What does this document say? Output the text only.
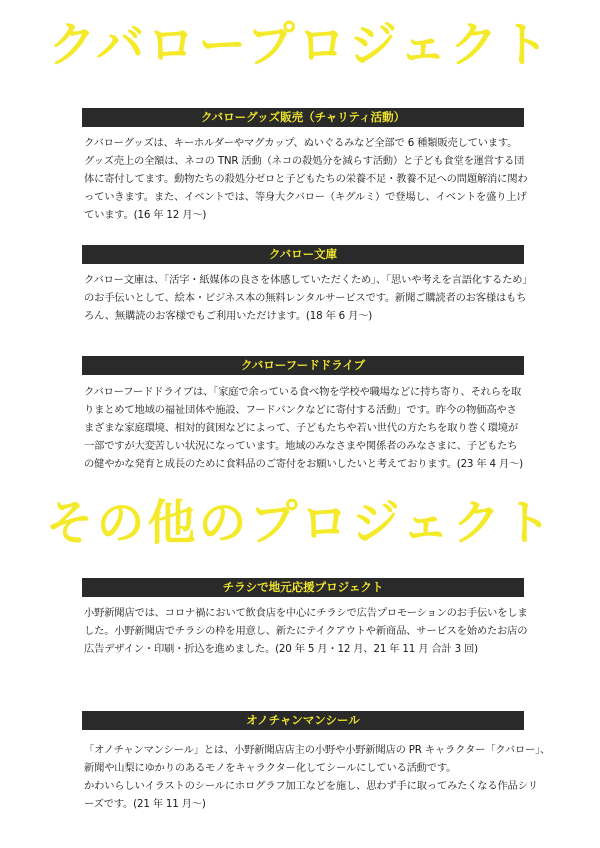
クバロープロジェクト
クバローグッズ販売（チャリティ活動）
クバローグッズは、キーホルダーやマグカップ、ぬいぐるみなど全部で 6 種類販売しています。
グッズ売上の全額は、ネコの TNR 活動（ネコの殺処分を減らす活動）と子ども食堂を運営する団
体に寄付してます。動物たちの殺処分ゼロと子どもたちの栄養不足・教養不足への問題解消に関わ
っていきます。また、イベントでは、等身大クバロー（キグルミ）で登場し、イベントを盛り上げ
ています。(16 年 12 月～)
クバロー文庫
クバロー文庫は、「活字・紙媒体の良さを体感していただくため」、「思いや考えを言語化するため」
のお手伝いとして、絵本・ビジネス本の無料レンタルサービスです。新聞ご購読者のお客様はもち
ろん、無購読のお客様でもご利用いただけます。(18 年 6 月～)
クバローフードドライブ
クバローフードドライブは、「家庭で余っている食べ物を学校や職場などに持ち寄り、それらを取
りまとめて地域の福祉団体や施設、フードバンクなどに寄付する活動」です。昨今の物価高やさ
まざまな家庭環境、相対的貧困などによって、子どもたちや若い世代の方たちを取り巻く環境が
一部ですが大変苦しい状況になっています。地域のみなさまや関係者のみなさまに、子どもたち
の健やかな発育と成長のために食料品のご寄付をお願いしたいと考えております。(23 年 4 月～)
その他のプロジェクト
チラシで地元応援プロジェクト
小野新聞店では、コロナ禍において飲食店を中心にチラシで広告プロモーションのお手伝いをしま
した。小野新聞店でチラシの枠を用意し、新たにテイクアウトや新商品、サービスを始めたお店の
広告デザイン・印刷・折込を進めました。(20 年 5 月・12 月、21 年 11 月 合計 3 回)
オノチャンマンシール
「オノチャンマンシール」とは、小野新聞店店主の小野や小野新聞店の PR キャラクター「クバロー」、
新聞や山梨にゆかりのあるモノをキャラクター化してシールにしている活動です。
かわいらしいイラストのシールにホログラフ加工などを施し、思わず手に取ってみたくなる作品シリ
ーズです。(21 年 11 月～)
